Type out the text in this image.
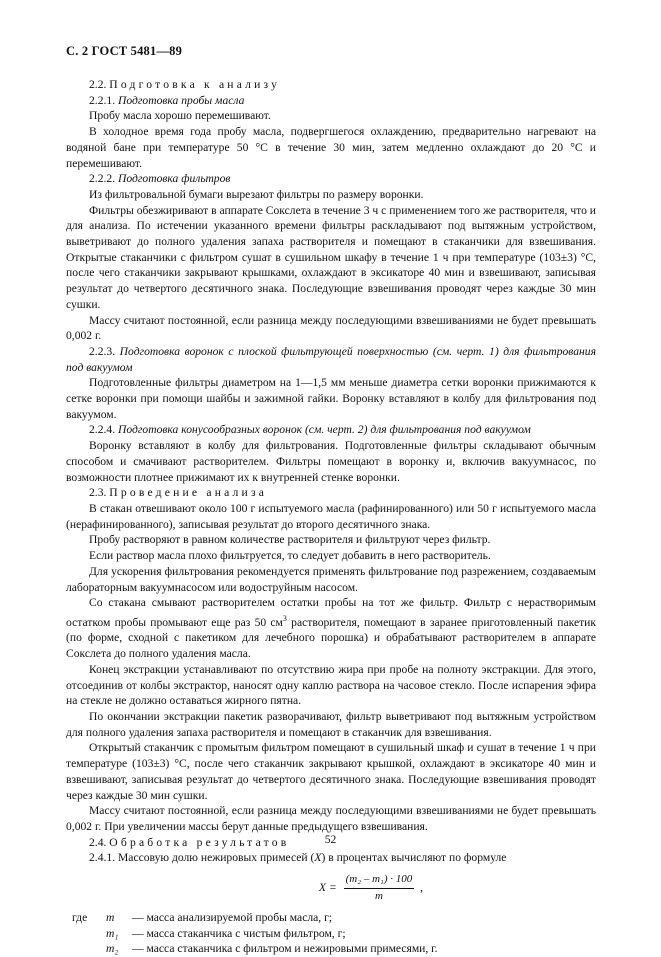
С. 2 ГОСТ 5481—89

2.2. Подготовка к анализу

2.2.1. Подготовка пробы масла

Пробу масла хорошо перемешивают.

В холодное время года пробу масла, подвергшегося охлаждению, предварительно нагревают на водяной бане при температуре 50 °С в течение 30 мин, затем медленно охлаждают до 20 °С и перемешивают.

2.2.2. Подготовка фильтров

Из фильтровальной бумаги вырезают фильтры по размеру воронки.

Фильтры обезжиривают в аппарате Сокслета в течение 3 ч с применением того же растворителя, что и для анализа. По истечении указанного времени фильтры раскладывают под вытяжным устройством, выветривают до полного удаления запаха растворителя и помещают в стаканчики для взвешивания. Открытые стаканчики с фильтром сушат в сушильном шкафу в течение 1 ч при температуре (103±3) °С, после чего стаканчики закрывают крышками, охлаждают в эксикаторе 40 мин и взвешивают, записывая результат до четвертого десятичного знака. Последующие взвешивания проводят через каждые 30 мин сушки.

Массу считают постоянной, если разница между последующими взвешиваниями не будет превышать 0,002 г.

2.2.3. Подготовка воронок с плоской фильтрующей поверхностью (см. черт. 1) для фильтрования под вакуумом

Подготовленные фильтры диаметром на 1—1,5 мм меньше диаметра сетки воронки прижимаются к сетке воронки при помощи шайбы и зажимной гайки. Воронку вставляют в колбу для фильтрования под вакуумом.

2.2.4. Подготовка конусообразных воронок (см. черт. 2) для фильтрования под вакуумом

Воронку вставляют в колбу для фильтрования. Подготовленные фильтры складывают обычным способом и смачивают растворителем. Фильтры помещают в воронку и, включив вакуумнасос, по возможности плотнее прижимают их к внутренней стенке воронки.

2.3. Проведение анализа

В стакан отвешивают около 100 г испытуемого масла (рафинированного) или 50 г испытуемого масла (нерафинированного), записывая результат до второго десятичного знака.

Пробу растворяют в равном количестве растворителя и фильтруют через фильтр.

Если раствор масла плохо фильтруется, то следует добавить в него растворитель.

Для ускорения фильтрования рекомендуется применять фильтрование под разрежением, создаваемым лабораторным вакуумнасосом или водоструйным насосом.

Со стакана смывают растворителем остатки пробы на тот же фильтр. Фильтр с нерастворимым остатком пробы промывают еще раз 50 $см^3$ растворителя, помещают в заранее приготовленный пакетик (по форме, сходной с пакетиком для лечебного порошка) и обрабатывают растворителем в аппарате Сокслета до полного удаления масла.

Конец экстракции устанавливают по отсутствию жира при пробе на полноту экстракции. Для этого, отсоединив от колбы экстрактор, наносят одну каплю раствора на часовое стекло. После испарения эфира на стекле не должно оставаться жирного пятна.

По окончании экстракции пакетик разворачивают, фильтр выветривают под вытяжным устройством для полного удаления запаха растворителя и помещают в стаканчик для взвешивания.

Открытый стаканчик с промытым фильтром помещают в сушильный шкаф и сушат в течение 1 ч при температуре (103±3) °С, после чего стаканчик закрывают крышкой, охлаждают в эксикаторе 40 мин и взвешивают, записывая результат до четвертого десятичного знака. Последующие взвешивания проводят через каждые 30 мин сушки.

Массу считают постоянной, если разница между последующими взвешиваниями не будет превышать 0,002 г. При увеличении массы берут данные предыдущего взвешивания.

2.4. Обработка результатов

2.4.1. Массовую долю нежировых примесей (X) в процентах вычисляют по формуле

$X = \frac{\text{(m₂ – m₁) · 100}}{m}$ ,
где	m	— масса анализируемой пробы масла, г;
m₁	— масса стаканчика с чистым фильтром, г;
m₂	— масса стаканчика с фильтром и нежировыми примесями, г.
52
